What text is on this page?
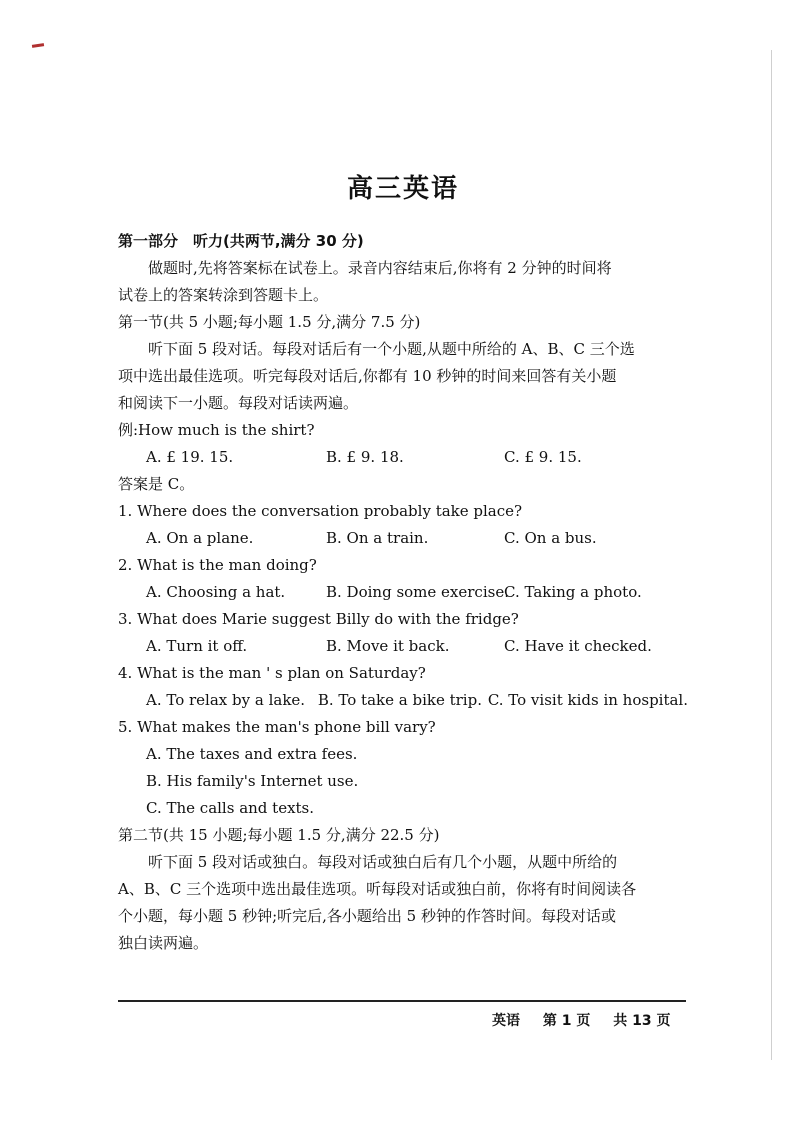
高三英语
第一部分　听力(共两节,满分 30 分)
做题时,先将答案标在试卷上。录音内容结束后,你将有 2 分钟的时间将
试卷上的答案转涂到答题卡上。
第一节(共 5 小题;每小题 1.5 分,满分 7.5 分)
听下面 5 段对话。每段对话后有一个小题,从题中所给的 A、B、C 三个选
项中选出最佳选项。听完每段对话后,你都有 10 秒钟的时间来回答有关小题
和阅读下一小题。每段对话读两遍。
例:How much is the shirt?
A. £ 19. 15.	B. £ 9. 18.	C. £ 9. 15.
答案是 C。
1. Where does the conversation probably take place?
A. On a plane.	B. On a train.	C. On a bus.
2. What is the man doing?
A. Choosing a hat.	B. Doing some exercise.
C. Taking a photo.
3. What does Marie suggest Billy do with the fridge?
A. Turn it off.	B. Move it back.	C. Have it checked.
4. What is the man ' s plan on Saturday?
A. To relax by a lake. B. To take a bike trip. C. To visit kids in hospital.
5. What makes the man's phone bill vary?
A. The taxes and extra fees.
B. His family's Internet use.
C. The calls and texts.
第二节(共 15 小题;每小题 1.5 分,满分 22.5 分)
听下面 5 段对话或独白。每段对话或独白后有几个小题，从题中所给的
A、B、C 三个选项中选出最佳选项。听每段对话或独白前，你将有时间阅读各
个小题，每小题 5 秒钟;听完后,各小题给出 5 秒钟的作答时间。每段对话或
独白读两遍。
英语 第 1 页 共 13 页
